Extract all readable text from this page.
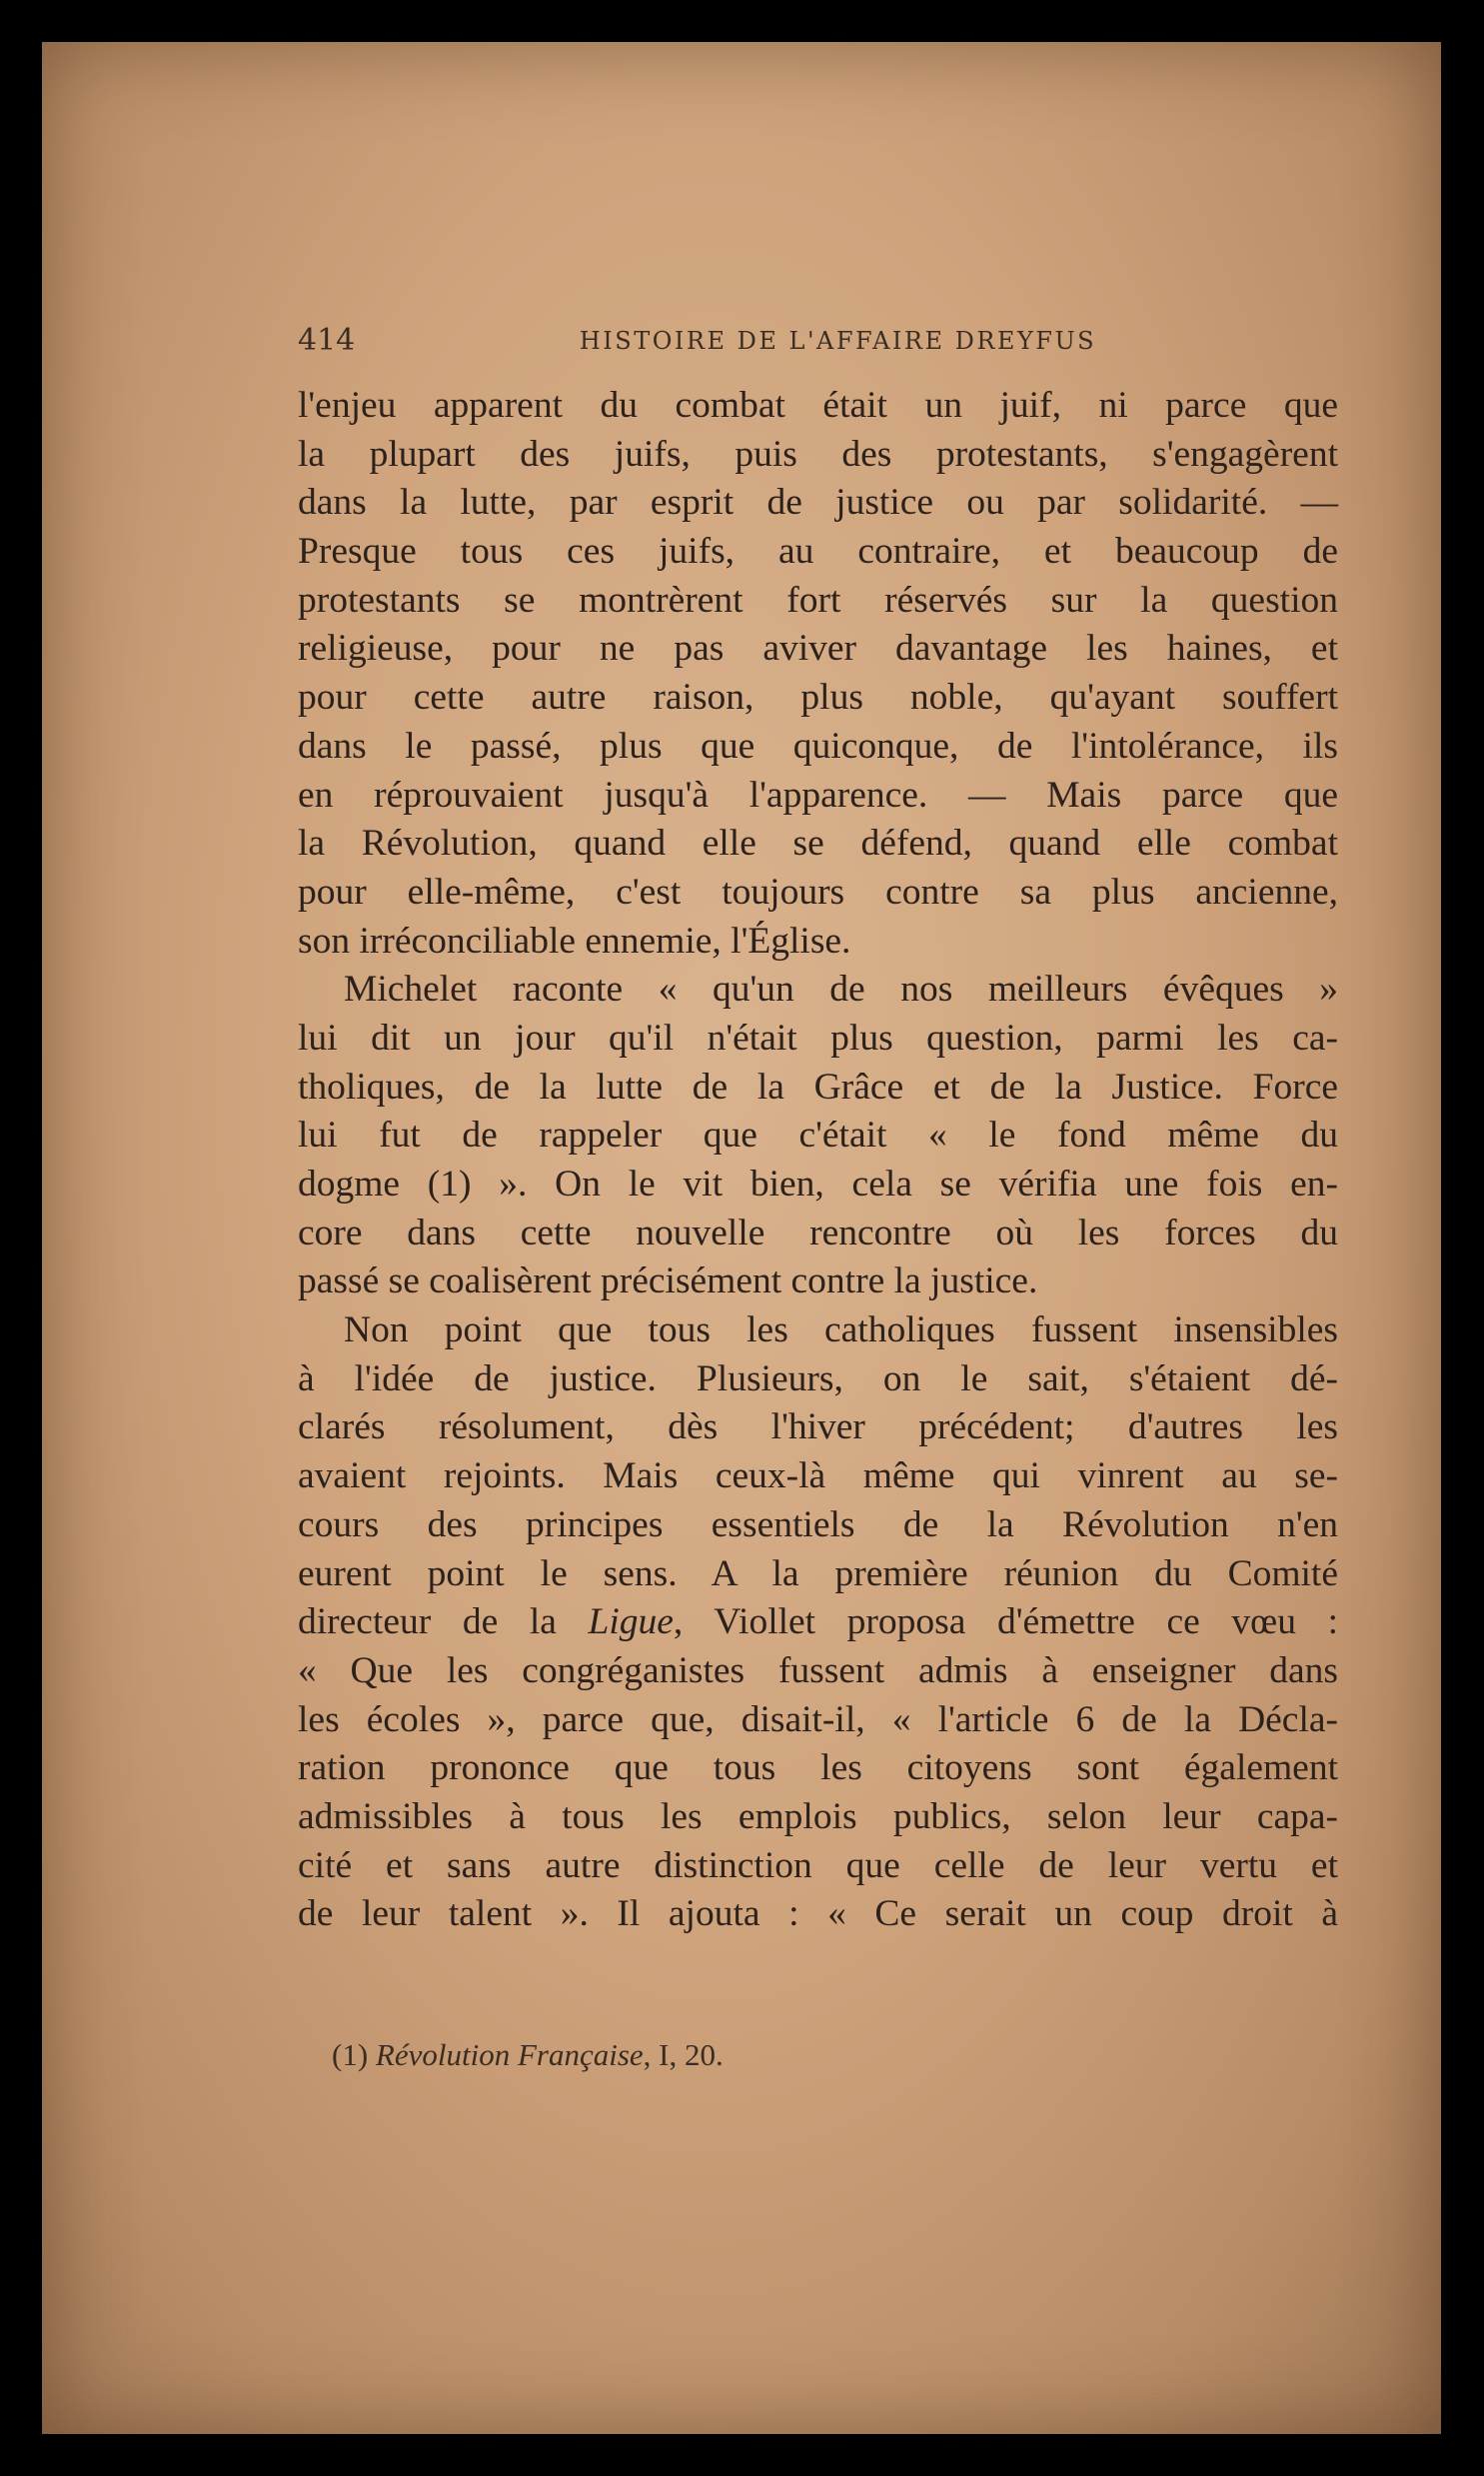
414	HISTOIRE DE L'AFFAIRE DREYFUS
l'enjeu apparent du combat était un juif, ni parce que
la plupart des juifs, puis des protestants, s'engagèrent
dans la lutte, par esprit de justice ou par solidarité. —
Presque tous ces juifs, au contraire, et beaucoup de
protestants se montrèrent fort réservés sur la question
religieuse, pour ne pas aviver davantage les haines, et
pour cette autre raison, plus noble, qu'ayant souffert
dans le passé, plus que quiconque, de l'intolérance, ils
en réprouvaient jusqu'à l'apparence. — Mais parce que
la Révolution, quand elle se défend, quand elle combat
pour elle-même, c'est toujours contre sa plus ancienne,
son irréconciliable ennemie, l'Église.
Michelet raconte « qu'un de nos meilleurs évêques »
lui dit un jour qu'il n'était plus question, parmi les ca-
tholiques, de la lutte de la Grâce et de la Justice. Force
lui fut de rappeler que c'était « le fond même du
dogme (1) ». On le vit bien, cela se vérifia une fois en-
core dans cette nouvelle rencontre où les forces du
passé se coalisèrent précisément contre la justice.
Non point que tous les catholiques fussent insensibles
à l'idée de justice. Plusieurs, on le sait, s'étaient dé-
clarés résolument, dès l'hiver précédent; d'autres les
avaient rejoints. Mais ceux-là même qui vinrent au se-
cours des principes essentiels de la Révolution n'en
eurent point le sens. A la première réunion du Comité
directeur de la Ligue, Viollet proposa d'émettre ce vœu :
« Que les congréganistes fussent admis à enseigner dans
les écoles », parce que, disait-il, « l'article 6 de la Décla-
ration prononce que tous les citoyens sont également
admissibles à tous les emplois publics, selon leur capa-
cité et sans autre distinction que celle de leur vertu et
de leur talent ». Il ajouta : « Ce serait un coup droit à
(1) Révolution Française, I, 20.
